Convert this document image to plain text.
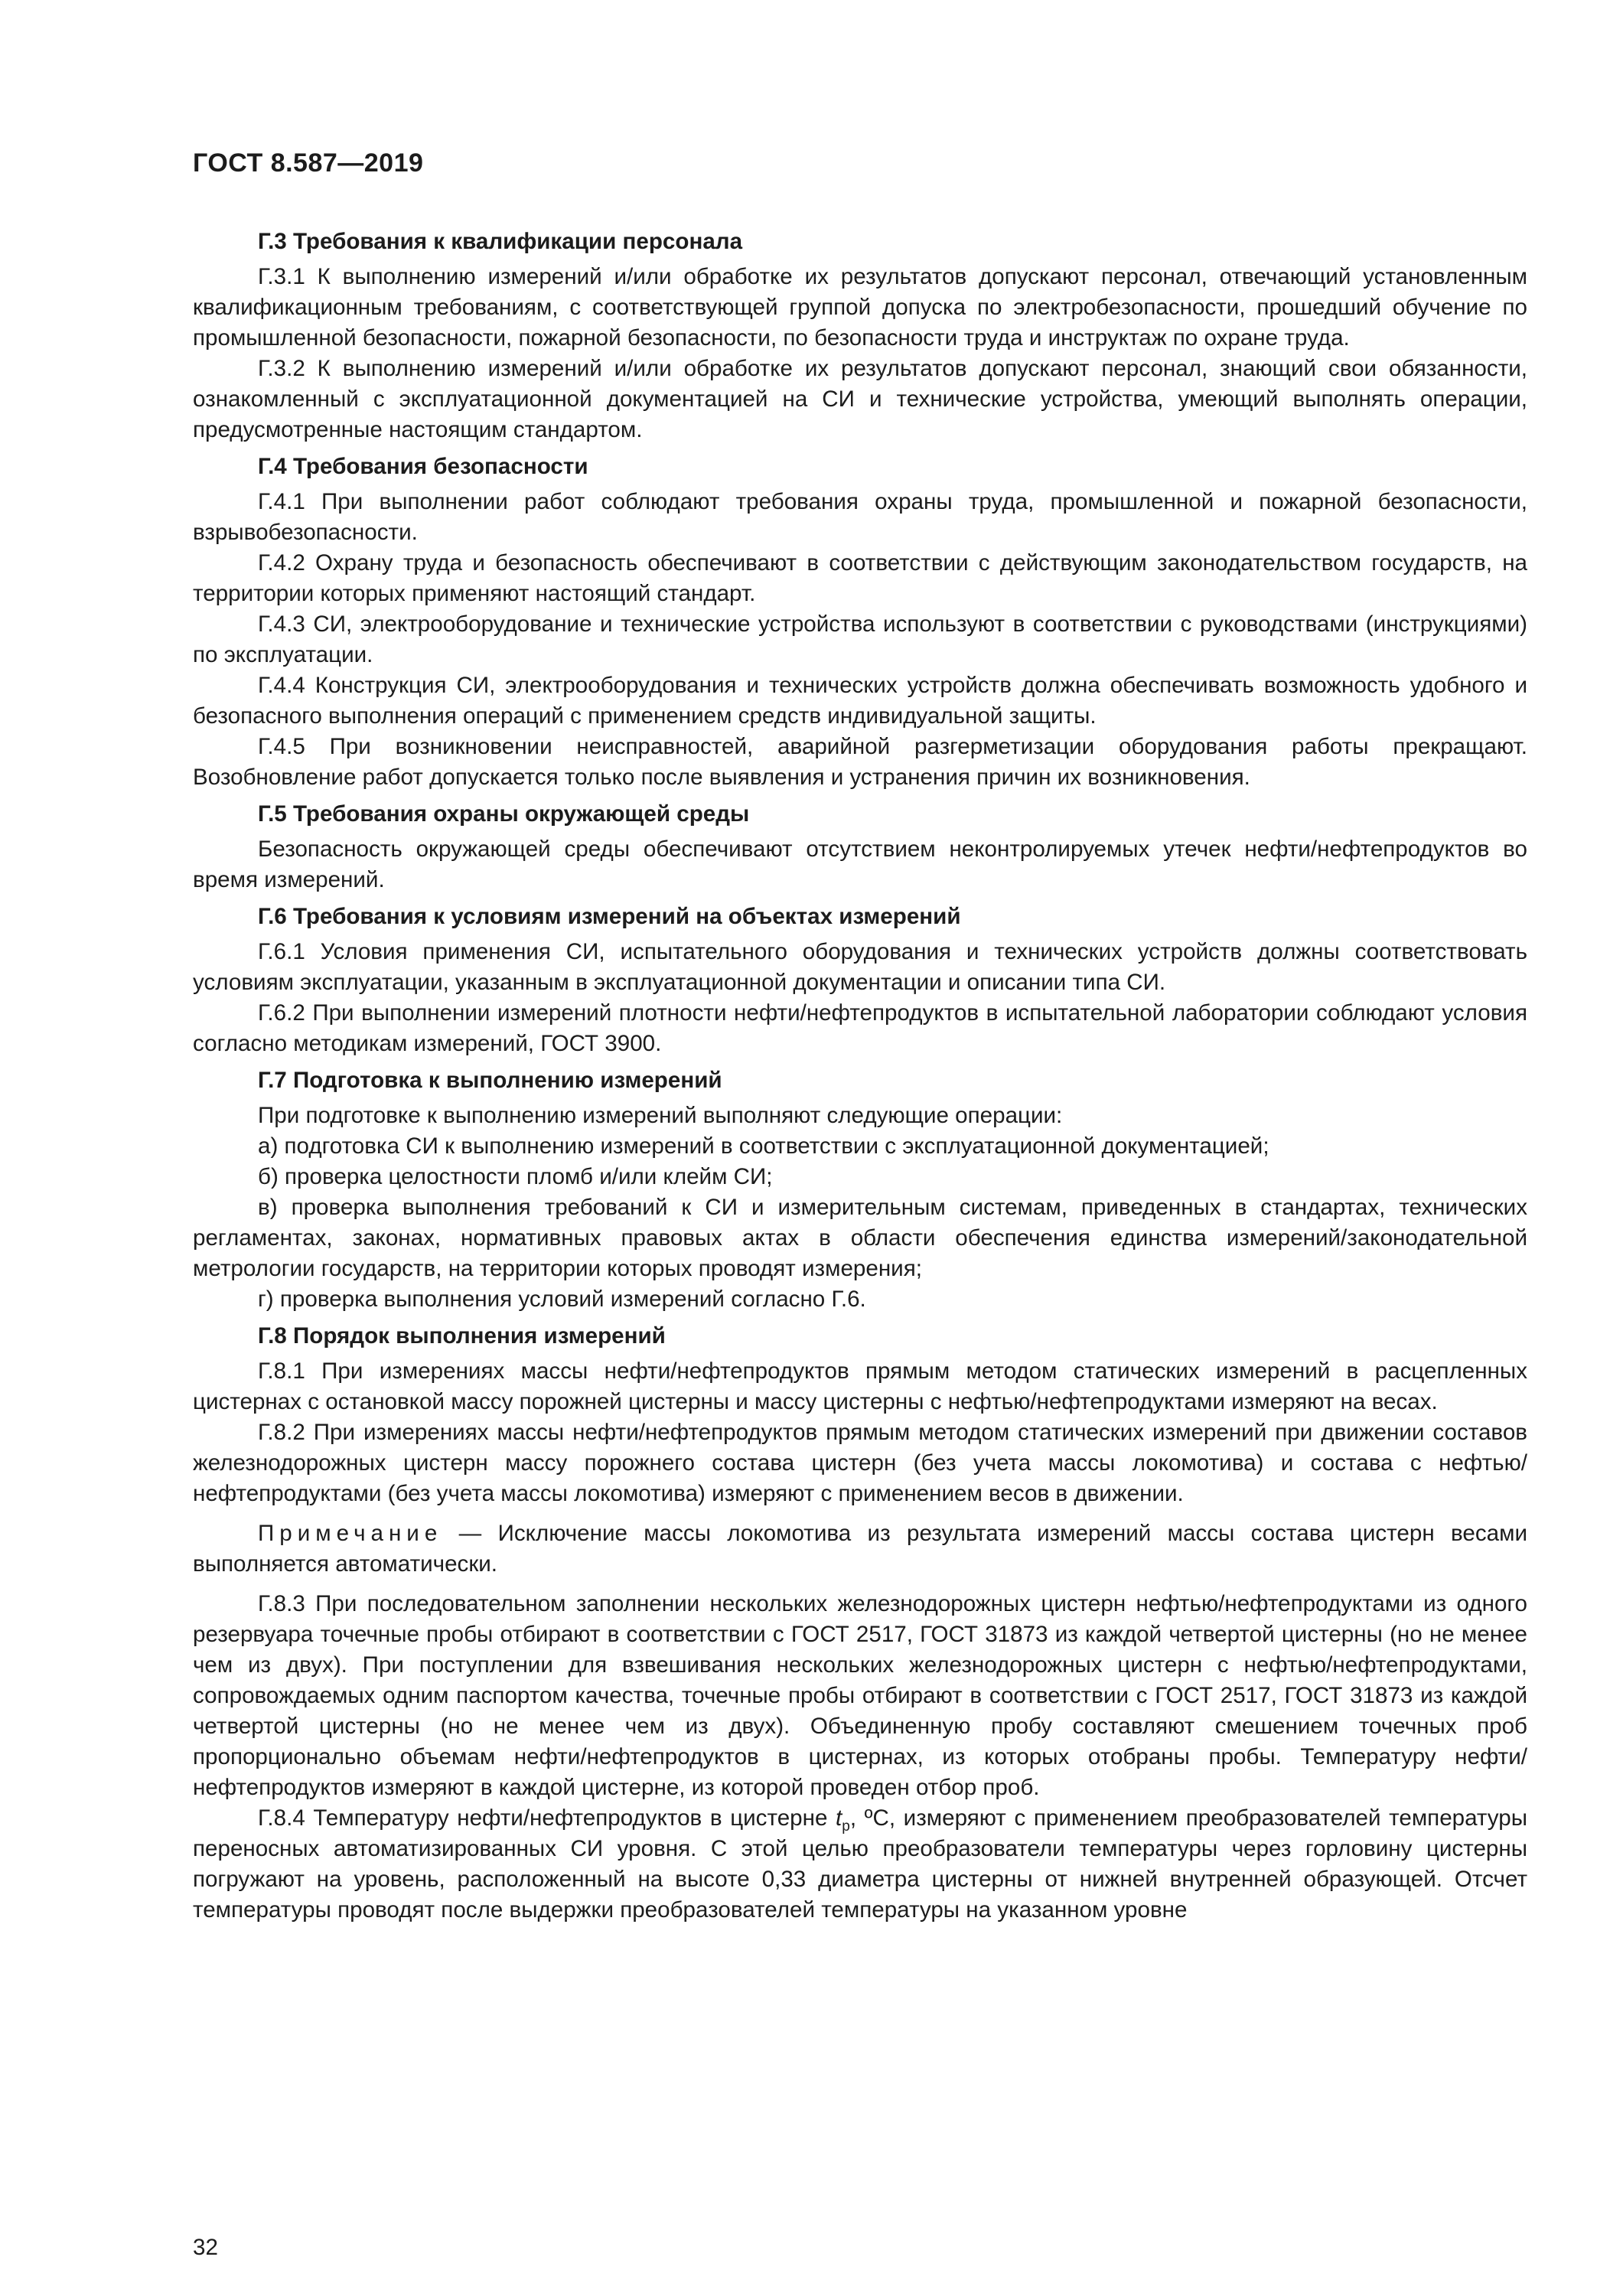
ГОСТ 8.587—2019
Г.3 Требования к квалификации персонала

Г.3.1 К выполнению измерений и/или обработке их результатов допускают персонал, отвечающий установленным квалификационным требованиям, с соответствующей группой допуска по электробезопасности, прошедший обучение по промышленной безопасности, пожарной безопасности, по безопасности труда и инструктаж по охране труда.

Г.3.2 К выполнению измерений и/или обработке их результатов допускают персонал, знающий свои обязанности, ознакомленный с эксплуатационной документацией на СИ и технические устройства, умеющий выполнять операции, предусмотренные настоящим стандартом.

Г.4 Требования безопасности

Г.4.1 При выполнении работ соблюдают требования охраны труда, промышленной и пожарной безопасности, взрывобезопасности.

Г.4.2 Охрану труда и безопасность обеспечивают в соответствии с действующим законодательством государств, на территории которых применяют настоящий стандарт.

Г.4.3 СИ, электрооборудование и технические устройства используют в соответствии с руководствами (инструкциями) по эксплуатации.

Г.4.4 Конструкция СИ, электрооборудования и технических устройств должна обеспечивать возможность удобного и безопасного выполнения операций с применением средств индивидуальной защиты.

Г.4.5 При возникновении неисправностей, аварийной разгерметизации оборудования работы прекращают. Возобновление работ допускается только после выявления и устранения причин их возникновения.

Г.5 Требования охраны окружающей среды

Безопасность окружающей среды обеспечивают отсутствием неконтролируемых утечек нефти/нефтепродуктов во время измерений.

Г.6 Требования к условиям измерений на объектах измерений

Г.6.1 Условия применения СИ, испытательного оборудования и технических устройств должны соответствовать условиям эксплуатации, указанным в эксплуатационной документации и описании типа СИ.

Г.6.2 При выполнении измерений плотности нефти/нефтепродуктов в испытательной лаборатории соблюдают условия согласно методикам измерений, ГОСТ 3900.

Г.7 Подготовка к выполнению измерений

При подготовке к выполнению измерений выполняют следующие операции:

а) подготовка СИ к выполнению измерений в соответствии с эксплуатационной документацией;

б) проверка целостности пломб и/или клейм СИ;

в) проверка выполнения требований к СИ и измерительным системам, приведенных в стандартах, технических регламентах, законах, нормативных правовых актах в области обеспечения единства измерений/законодательной метрологии государств, на территории которых проводят измерения;

г) проверка выполнения условий измерений согласно Г.6.

Г.8 Порядок выполнения измерений

Г.8.1 При измерениях массы нефти/нефтепродуктов прямым методом статических измерений в расцепленных цистернах с остановкой массу порожней цистерны и массу цистерны с нефтью/нефтепродуктами измеряют на весах.

Г.8.2 При измерениях массы нефти/нефтепродуктов прямым методом статических измерений при движении составов железнодорожных цистерн массу порожнего состава цистерн (без учета массы локомотива) и состава с нефтью/нефтепродуктами (без учета массы локомотива) измеряют с применением весов в движении.

Примечание — Исключение массы локомотива из результата измерений массы состава цистерн весами выполняется автоматически.

Г.8.3 При последовательном заполнении нескольких железнодорожных цистерн нефтью/нефтепродуктами из одного резервуара точечные пробы отбирают в соответствии с ГОСТ 2517, ГОСТ 31873 из каждой четвертой цистерны (но не менее чем из двух). При поступлении для взвешивания нескольких железнодорожных цистерн с нефтью/нефтепродуктами, сопровождаемых одним паспортом качества, точечные пробы отбирают в соответствии с ГОСТ 2517, ГОСТ 31873 из каждой четвертой цистерны (но не менее чем из двух). Объединенную пробу составляют смешением точечных проб пропорционально объемам нефти/нефтепродуктов в цистернах, из которых отобраны пробы. Температуру нефти/нефтепродуктов измеряют в каждой цистерне, из которой проведен отбор проб.

Г.8.4 Температуру нефти/нефтепродуктов в цистерне $t_р$, ºС, измеряют с применением преобразователей температуры переносных автоматизированных СИ уровня. С этой целью преобразователи температуры через горловину цистерны погружают на уровень, расположенный на высоте 0,33 диаметра цистерны от нижней внутренней образующей. Отсчет температуры проводят после выдержки преобразователей температуры на указанном уровне

32
